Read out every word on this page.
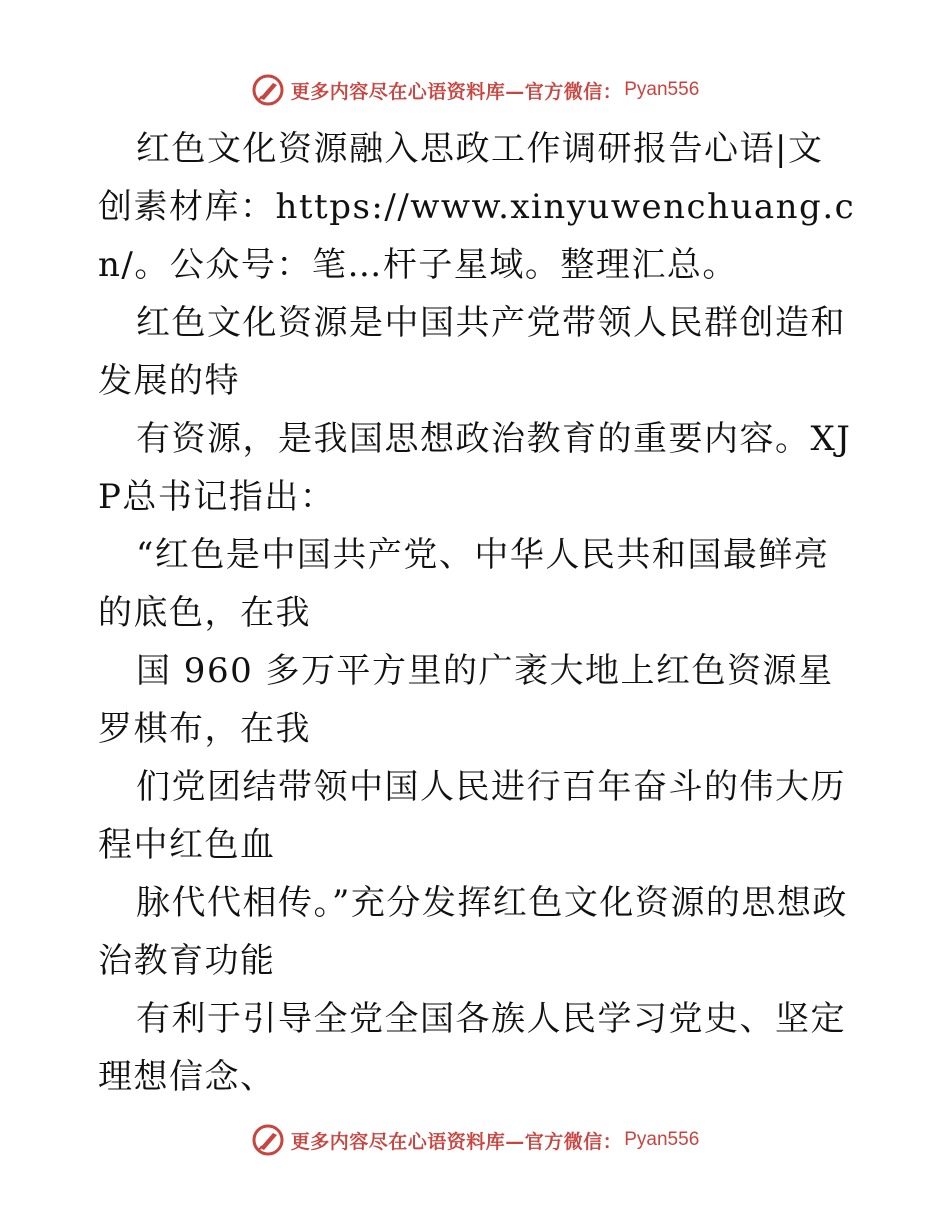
更多内容尽在心语资料库—官方微信： Pyan556

红色文化资源融入思政工作调研报告心语|文创素材库：https://www.xinyuwenchuang.cn/。公众号：笔…杆子星域。整理汇总。

红色文化资源是中国共产党带领人民群创造和发展的特

有资源，是我国思想政治教育的重要内容。XJP总书记指出：

“红色是中国共产党、中华人民共和国最鲜亮的底色，在我

国 960 多万平方里的广袤大地上红色资源星罗棋布，在我

们党团结带领中国人民进行百年奋斗的伟大历程中红色血

脉代代相传。”充分发挥红色文化资源的思想政治教育功能

有利于引导全党全国各族人民学习党史、坚定理想信念、

更多内容尽在心语资料库—官方微信： Pyan556
